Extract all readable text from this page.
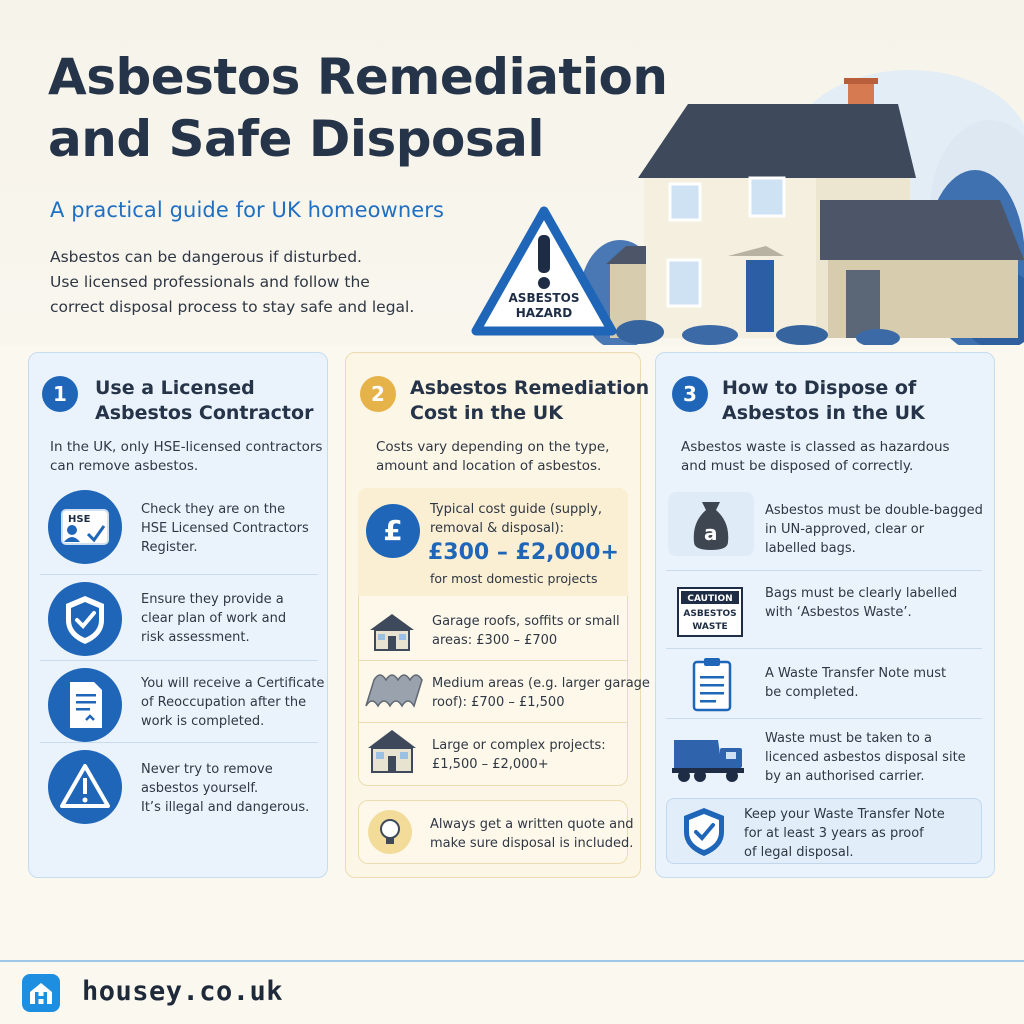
Asbestos Remediation
and Safe Disposal
A practical guide for UK homeowners
Asbestos can be dangerous if disturbed.
Use licensed professionals and follow the
correct disposal process to stay safe and legal.	ASBESTOS
HAZARD
1	Use a Licensed
Asbestos Contractor
In the UK, only HSE-licensed contractors
can remove asbestos.
HSE
Check they are on the
HSE Licensed Contractors
Register.
Ensure they provide a
clear plan of work and
risk assessment.
You will receive a Certificate
of Reoccupation after the
work is completed.
Never try to remove
asbestos yourself.
It’s illegal and dangerous.
2	Asbestos Remediation
Cost in the UK
Costs vary depending on the type,
amount and location of asbestos.
£
Typical cost guide (supply,
removal & disposal):
£300 – £2,000+
for most domestic projects
Garage roofs, soffits or small
areas: £300 – £700
Medium areas (e.g. larger garage
roof): £700 – £1,500
Large or complex projects:
£1,500 – £2,000+
Always get a written quote and
make sure disposal is included.
3	How to Dispose of
Asbestos in the UK
Asbestos waste is classed as hazardous
and must be disposed of correctly.
a
Asbestos must be double-bagged
in UN-approved, clear or
labelled bags.
CAUTION
ASBESTOS
WASTE
Bags must be clearly labelled
with ‘Asbestos Waste’.
A Waste Transfer Note must
be completed.
Waste must be taken to a
licenced asbestos disposal site
by an authorised carrier.
Keep your Waste Transfer Note
for at least 3 years as proof
of legal disposal.
housey.co.uk
